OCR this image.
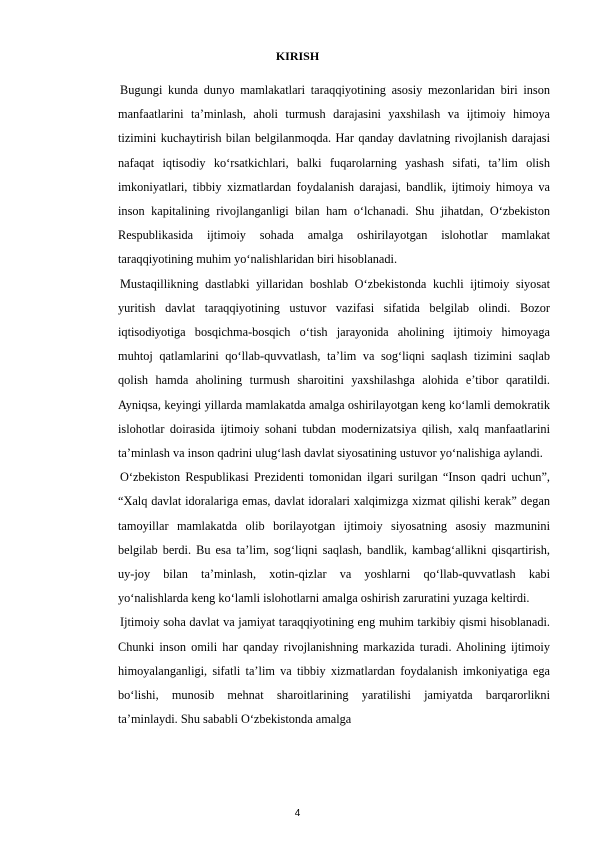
KIRISH

Bugungi kunda dunyo mamlakatlari taraqqiyotining asosiy mezonlaridan biri inson manfaatlarini ta’minlash, aholi turmush darajasini yaxshilash va ijtimoiy himoya tizimini kuchaytirish bilan belgilanmoqda. Har qanday davlatning rivojlanish darajasi nafaqat iqtisodiy ko‘rsatkichlari, balki fuqarolarning yashash sifati, ta’lim olish imkoniyatlari, tibbiy xizmatlardan foydalanish darajasi, bandlik, ijtimoiy himoya va inson kapitalining rivojlanganligi bilan ham o‘lchanadi. Shu jihatdan, O‘zbekiston Respublikasida ijtimoiy sohada amalga oshirilayotgan islohotlar mamlakat taraqqiyotining muhim yo‘nalishlaridan biri hisoblanadi.

Mustaqillikning dastlabki yillaridan boshlab O‘zbekistonda kuchli ijtimoiy siyosat yuritish davlat taraqqiyotining ustuvor vazifasi sifatida belgilab olindi. Bozor iqtisodiyotiga bosqichma-bosqich o‘tish jarayonida aholining ijtimoiy himoyaga muhtoj qatlamlarini qo‘llab-quvvatlash, ta’lim va sog‘liqni saqlash tizimini saqlab qolish hamda aholining turmush sharoitini yaxshilashga alohida e’tibor qaratildi. Ayniqsa, keyingi yillarda mamlakatda amalga oshirilayotgan keng ko‘lamli demokratik islohotlar doirasida ijtimoiy sohani tubdan modernizatsiya qilish, xalq manfaatlarini ta’minlash va inson qadrini ulug‘lash davlat siyosatining ustuvor yo‘nalishiga aylandi.

O‘zbekiston Respublikasi Prezidenti tomonidan ilgari surilgan “Inson qadri uchun”, “Xalq davlat idoralariga emas, davlat idoralari xalqimizga xizmat qilishi kerak” degan tamoyillar mamlakatda olib borilayotgan ijtimoiy siyosatning asosiy mazmunini belgilab berdi. Bu esa ta’lim, sog‘liqni saqlash, bandlik, kambag‘allikni qisqartirish, uy-joy bilan ta’minlash, xotin-qizlar va yoshlarni qo‘llab-quvvatlash kabi yo‘nalishlarda keng ko‘lamli islohotlarni amalga oshirish zaruratini yuzaga keltirdi.

Ijtimoiy soha davlat va jamiyat taraqqiyotining eng muhim tarkibiy qismi hisoblanadi. Chunki inson omili har qanday rivojlanishning markazida turadi. Aholining ijtimoiy himoyalanganligi, sifatli ta’lim va tibbiy xizmatlardan foydalanish imkoniyatiga ega bo‘lishi, munosib mehnat sharoitlarining yaratilishi jamiyatda barqarorlikni ta’minlaydi. Shu sababli O‘zbekistonda amalga

4
